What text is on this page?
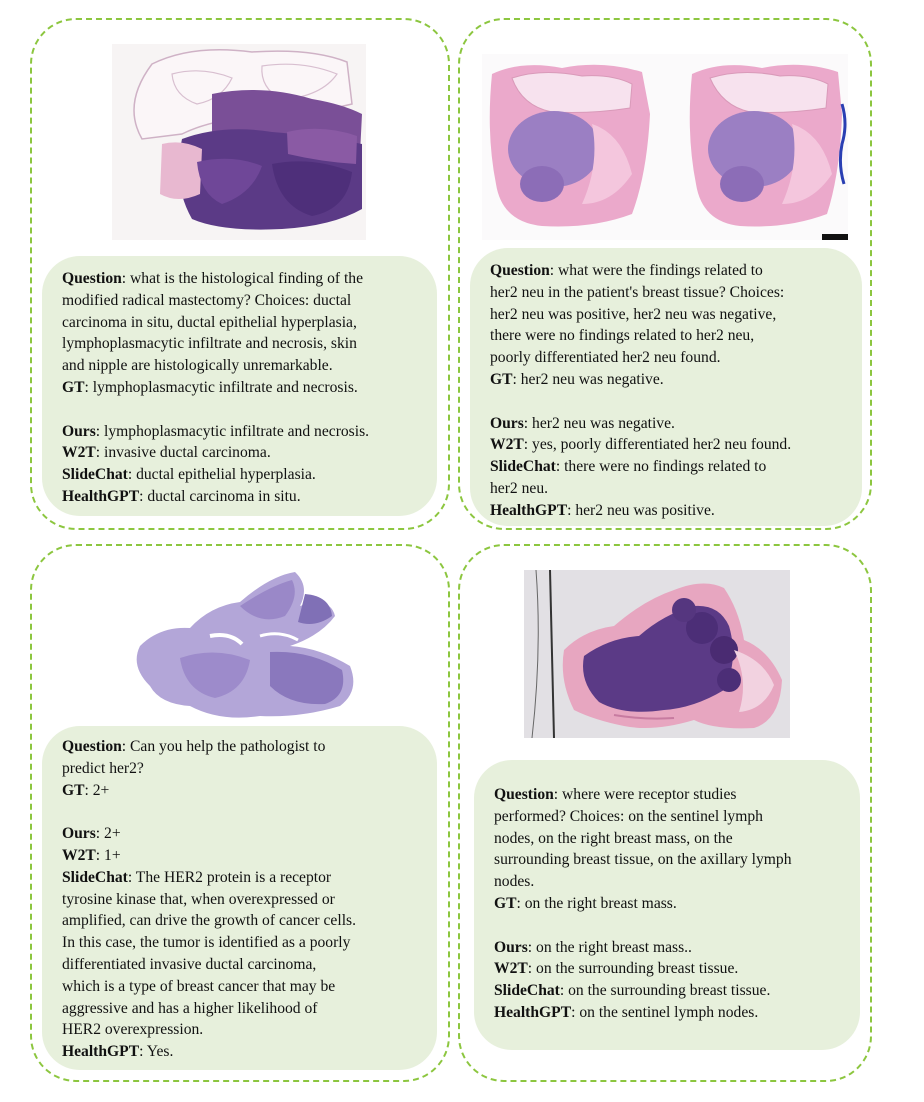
Question: what is the histological finding of the
modified radical mastectomy? Choices: ductal
carcinoma in situ, ductal epithelial hyperplasia,
lymphoplasmacytic infiltrate and necrosis, skin
and nipple are histologically unremarkable.
GT: lymphoplasmacytic infiltrate and necrosis.
Ours: lymphoplasmacytic infiltrate and necrosis.
W2T: invasive ductal carcinoma.
SlideChat: ductal epithelial hyperplasia.
HealthGPT: ductal carcinoma in situ.
Question: what were the findings related to
her2 neu in the patient's breast tissue? Choices:
her2 neu was positive, her2 neu was negative,
there were no findings related to her2 neu,
poorly differentiated her2 neu found.
GT: her2 neu was negative.
Ours: her2 neu was negative.
W2T: yes, poorly differentiated her2 neu found.
SlideChat: there were no findings related to
her2 neu.
HealthGPT: her2 neu was positive.
Question: Can you help the pathologist to
predict her2?
GT: 2+
Ours: 2+
W2T: 1+
SlideChat: The HER2 protein is a receptor
tyrosine kinase that, when overexpressed or
amplified, can drive the growth of cancer cells.
In this case, the tumor is identified as a poorly
differentiated invasive ductal carcinoma,
which is a type of breast cancer that may be
aggressive and has a higher likelihood of
HER2 overexpression.
HealthGPT: Yes.
Question: where were receptor studies
performed? Choices: on the sentinel lymph
nodes, on the right breast mass, on the
surrounding breast tissue, on the axillary lymph
nodes.
GT: on the right breast mass.
Ours: on the right breast mass..
W2T: on the surrounding breast tissue.
SlideChat: on the surrounding breast tissue.
HealthGPT: on the sentinel lymph nodes.
